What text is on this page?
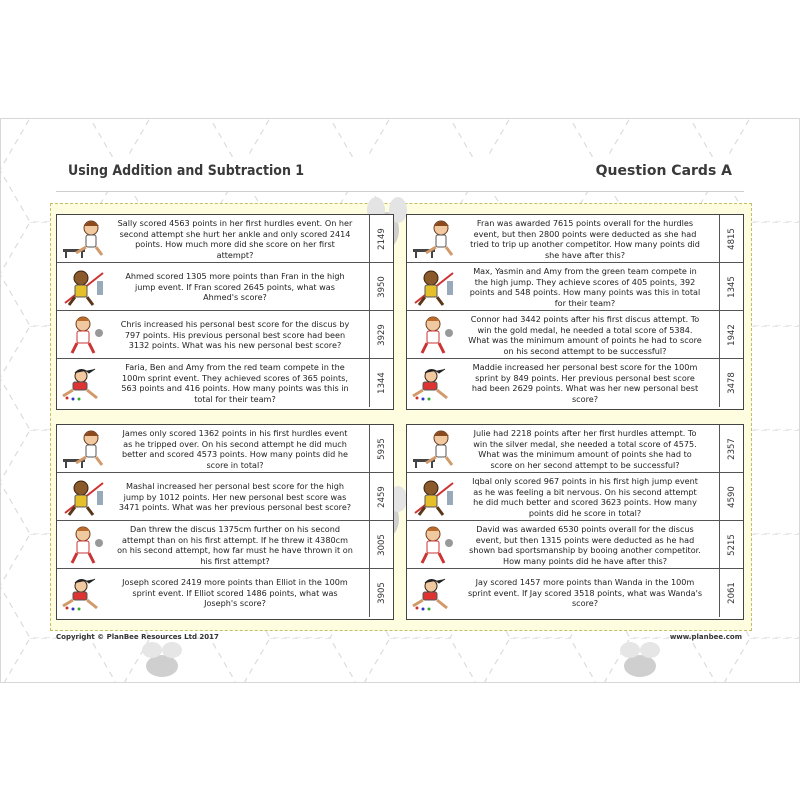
Using Addition and Subtraction 1	Question Cards A
Sally scored 4563 points in her first hurdles event. On her second attempt she hurt her ankle and only scored 2414 points. How much more did she score on her first attempt?
2149
Ahmed scored 1305 more points than Fran in the high jump event. If Fran scored 2645 points, what was Ahmed's score?	3950
Chris increased his personal best score for the discus by 797 points. His previous personal best score had been 3132 points. What was his new personal best score?	3929
Faria, Ben and Amy from the red team compete in the 100m sprint event. They achieved scores of 365 points, 563 points and 416 points. How many points was this in total for their team?
1344
Fran was awarded 7615 points overall for the hurdles event, but then 2800 points were deducted as she had tried to trip up another competitor. How many points did she have after this?
4815
Max, Yasmin and Amy from the green team compete in the high jump. They achieve scores of 405 points, 392 points and 548 points. How many points was this in total for their team?
1345
Connor had 3442 points after his first discus attempt. To win the gold medal, he needed a total score of 5384. What was the minimum amount of points he had to score on his second attempt to be successful?
1942
Maddie increased her personal best score for the 100m sprint by 849 points. Her previous personal best score had been 2629 points. What was her new personal best score?
3478
James only scored 1362 points in his first hurdles event as he tripped over. On his second attempt he did much better and scored 4573 points. How many points did he score in total?
5935
Mashal increased her personal best score for the high jump by 1012 points. Her new personal best score was 3471 points. What was her previous personal best score?	2459
Dan threw the discus 1375cm further on his second attempt than on his first attempt. If he threw it 4380cm on his second attempt, how far must he have thrown it on his first attempt?
3005
Joseph scored 2419 more points than Elliot in the 100m sprint event. If Elliot scored 1486 points, what was Joseph's score?	3905
Julie had 2218 points after her first hurdles attempt. To win the silver medal, she needed a total score of 4575. What was the minimum amount of points she had to score on her second attempt to be successful?
2357
Iqbal only scored 967 points in his first high jump event as he was feeling a bit nervous. On his second attempt he did much better and scored 3623 points. How many points did he score in total?
4590
David was awarded 6530 points overall for the discus event, but then 1315 points were deducted as he had shown bad sportsmanship by booing another competitor. How many points did he have after this?
5215
Jay scored 1457 more points than Wanda in the 100m sprint event. If Jay scored 3518 points, what was Wanda's score?	2061
Copyright © PlanBee Resources Ltd 2017	www.planbee.com
